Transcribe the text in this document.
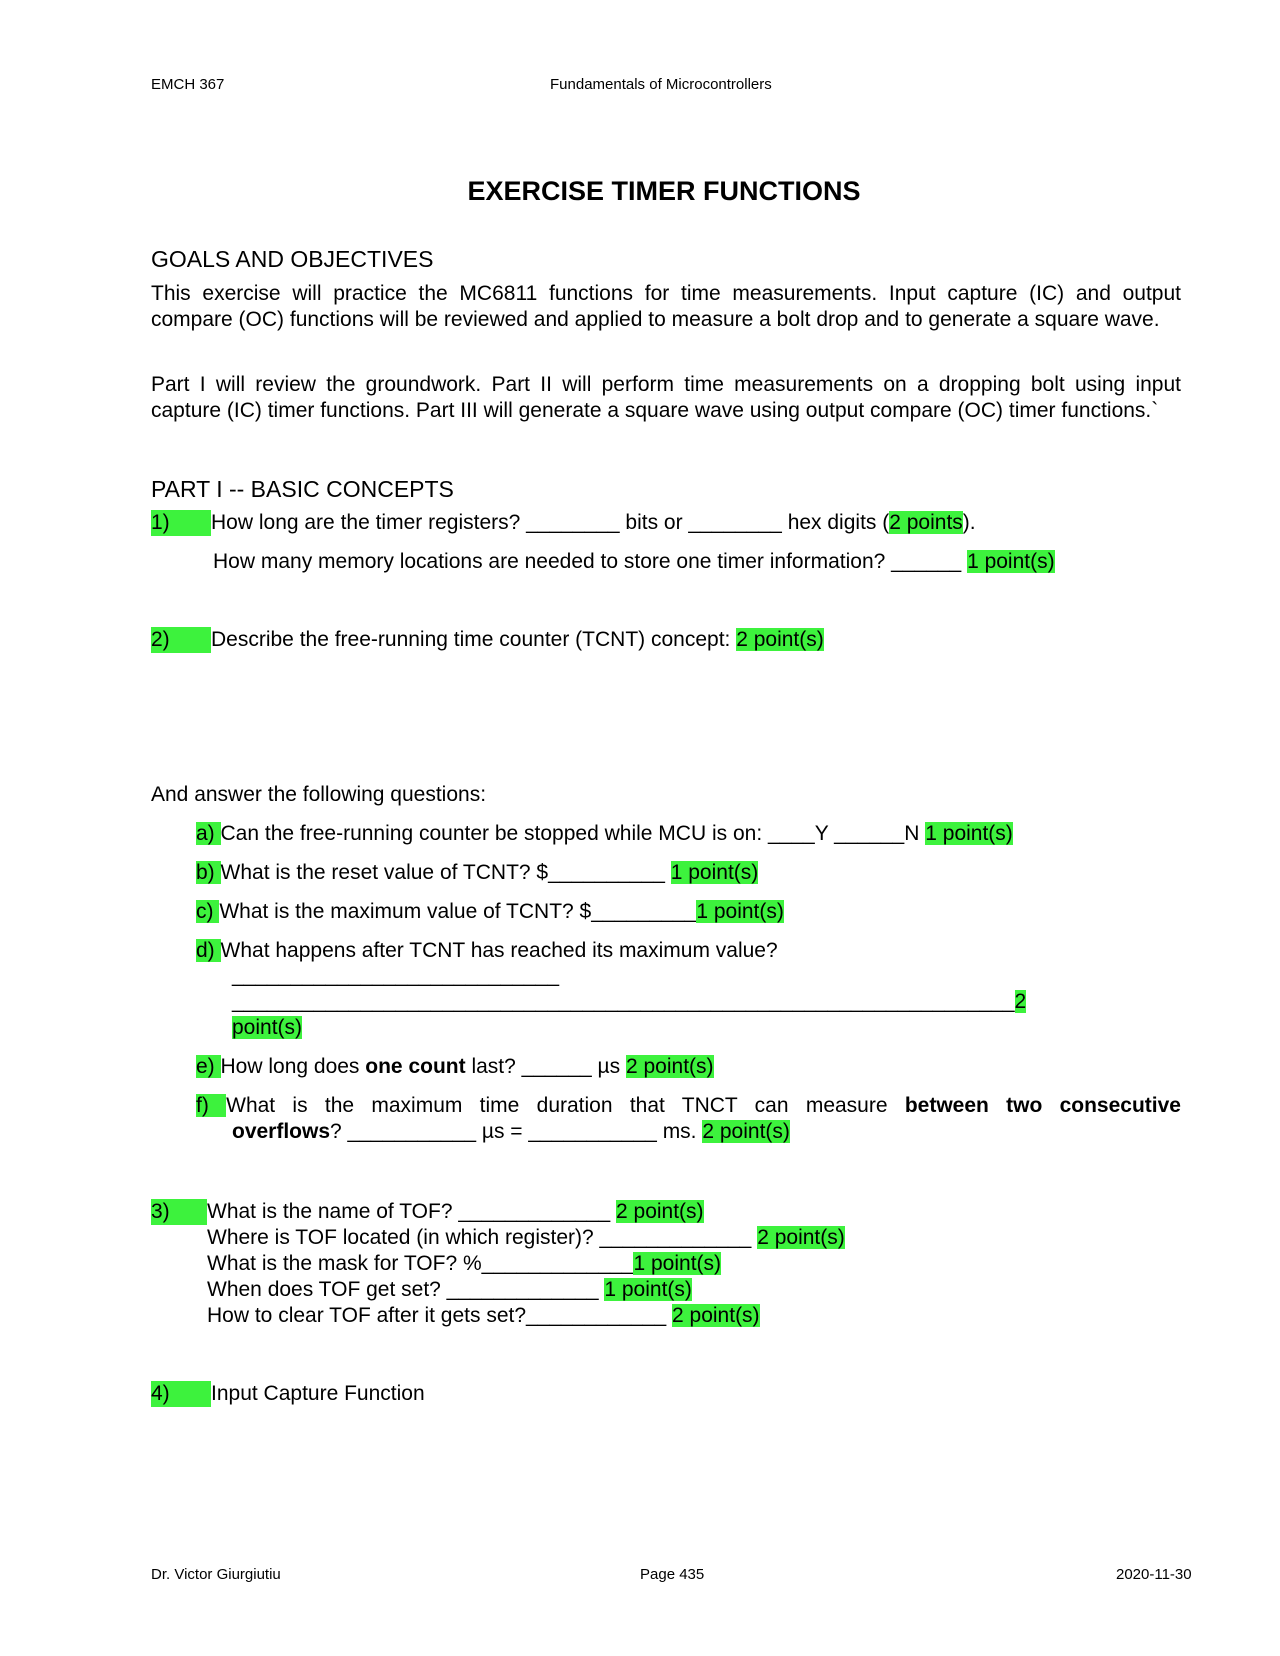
EMCH 367	Fundamentals of Microcontrollers
EXERCISE TIMER FUNCTIONS
GOALS AND OBJECTIVES
This exercise will practice the MC6811 functions for time measurements. Input capture (IC) and output compare (OC) functions will be reviewed and applied to measure a bolt drop and to generate a square wave.
Part I will review the groundwork. Part II will perform time measurements on a dropping bolt using input capture (IC) timer functions. Part III will generate a square wave using output compare (OC) timer functions.`
PART I -- BASIC CONCEPTS
1) How long are the timer registers? ________ bits or ________ hex digits (2 points).
How many memory locations are needed to store one timer information? ______ 1 point(s)
2) Describe the free-running time counter (TCNT) concept: 2 point(s)
And answer the following questions:
a) Can the free-running counter be stopped while MCU is on: ____Y ______N 1 point(s)
b) What is the reset value of TCNT? $__________ 1 point(s)
c) What is the maximum value of TCNT? $_________1 point(s)
d) What happens after TCNT has reached its maximum value?
____________________________
___________________________________________________________________2
point(s)
e) How long does one count last? ______ µs 2 point(s)
f) What is the maximum time duration that TNCT can measure between two consecutive
overflows? ___________ µs = ___________ ms. 2 point(s)
3)	What is the name of TOF? _____________ 2 point(s)
Where is TOF located (in which register)? _____________ 2 point(s)
What is the mask for TOF? %_____________1 point(s)
When does TOF get set? _____________ 1 point(s)
How to clear TOF after it gets set?____________ 2 point(s)
4) Input Capture Function
Dr. Victor Giurgiutiu	Page 435	2020-11-30
